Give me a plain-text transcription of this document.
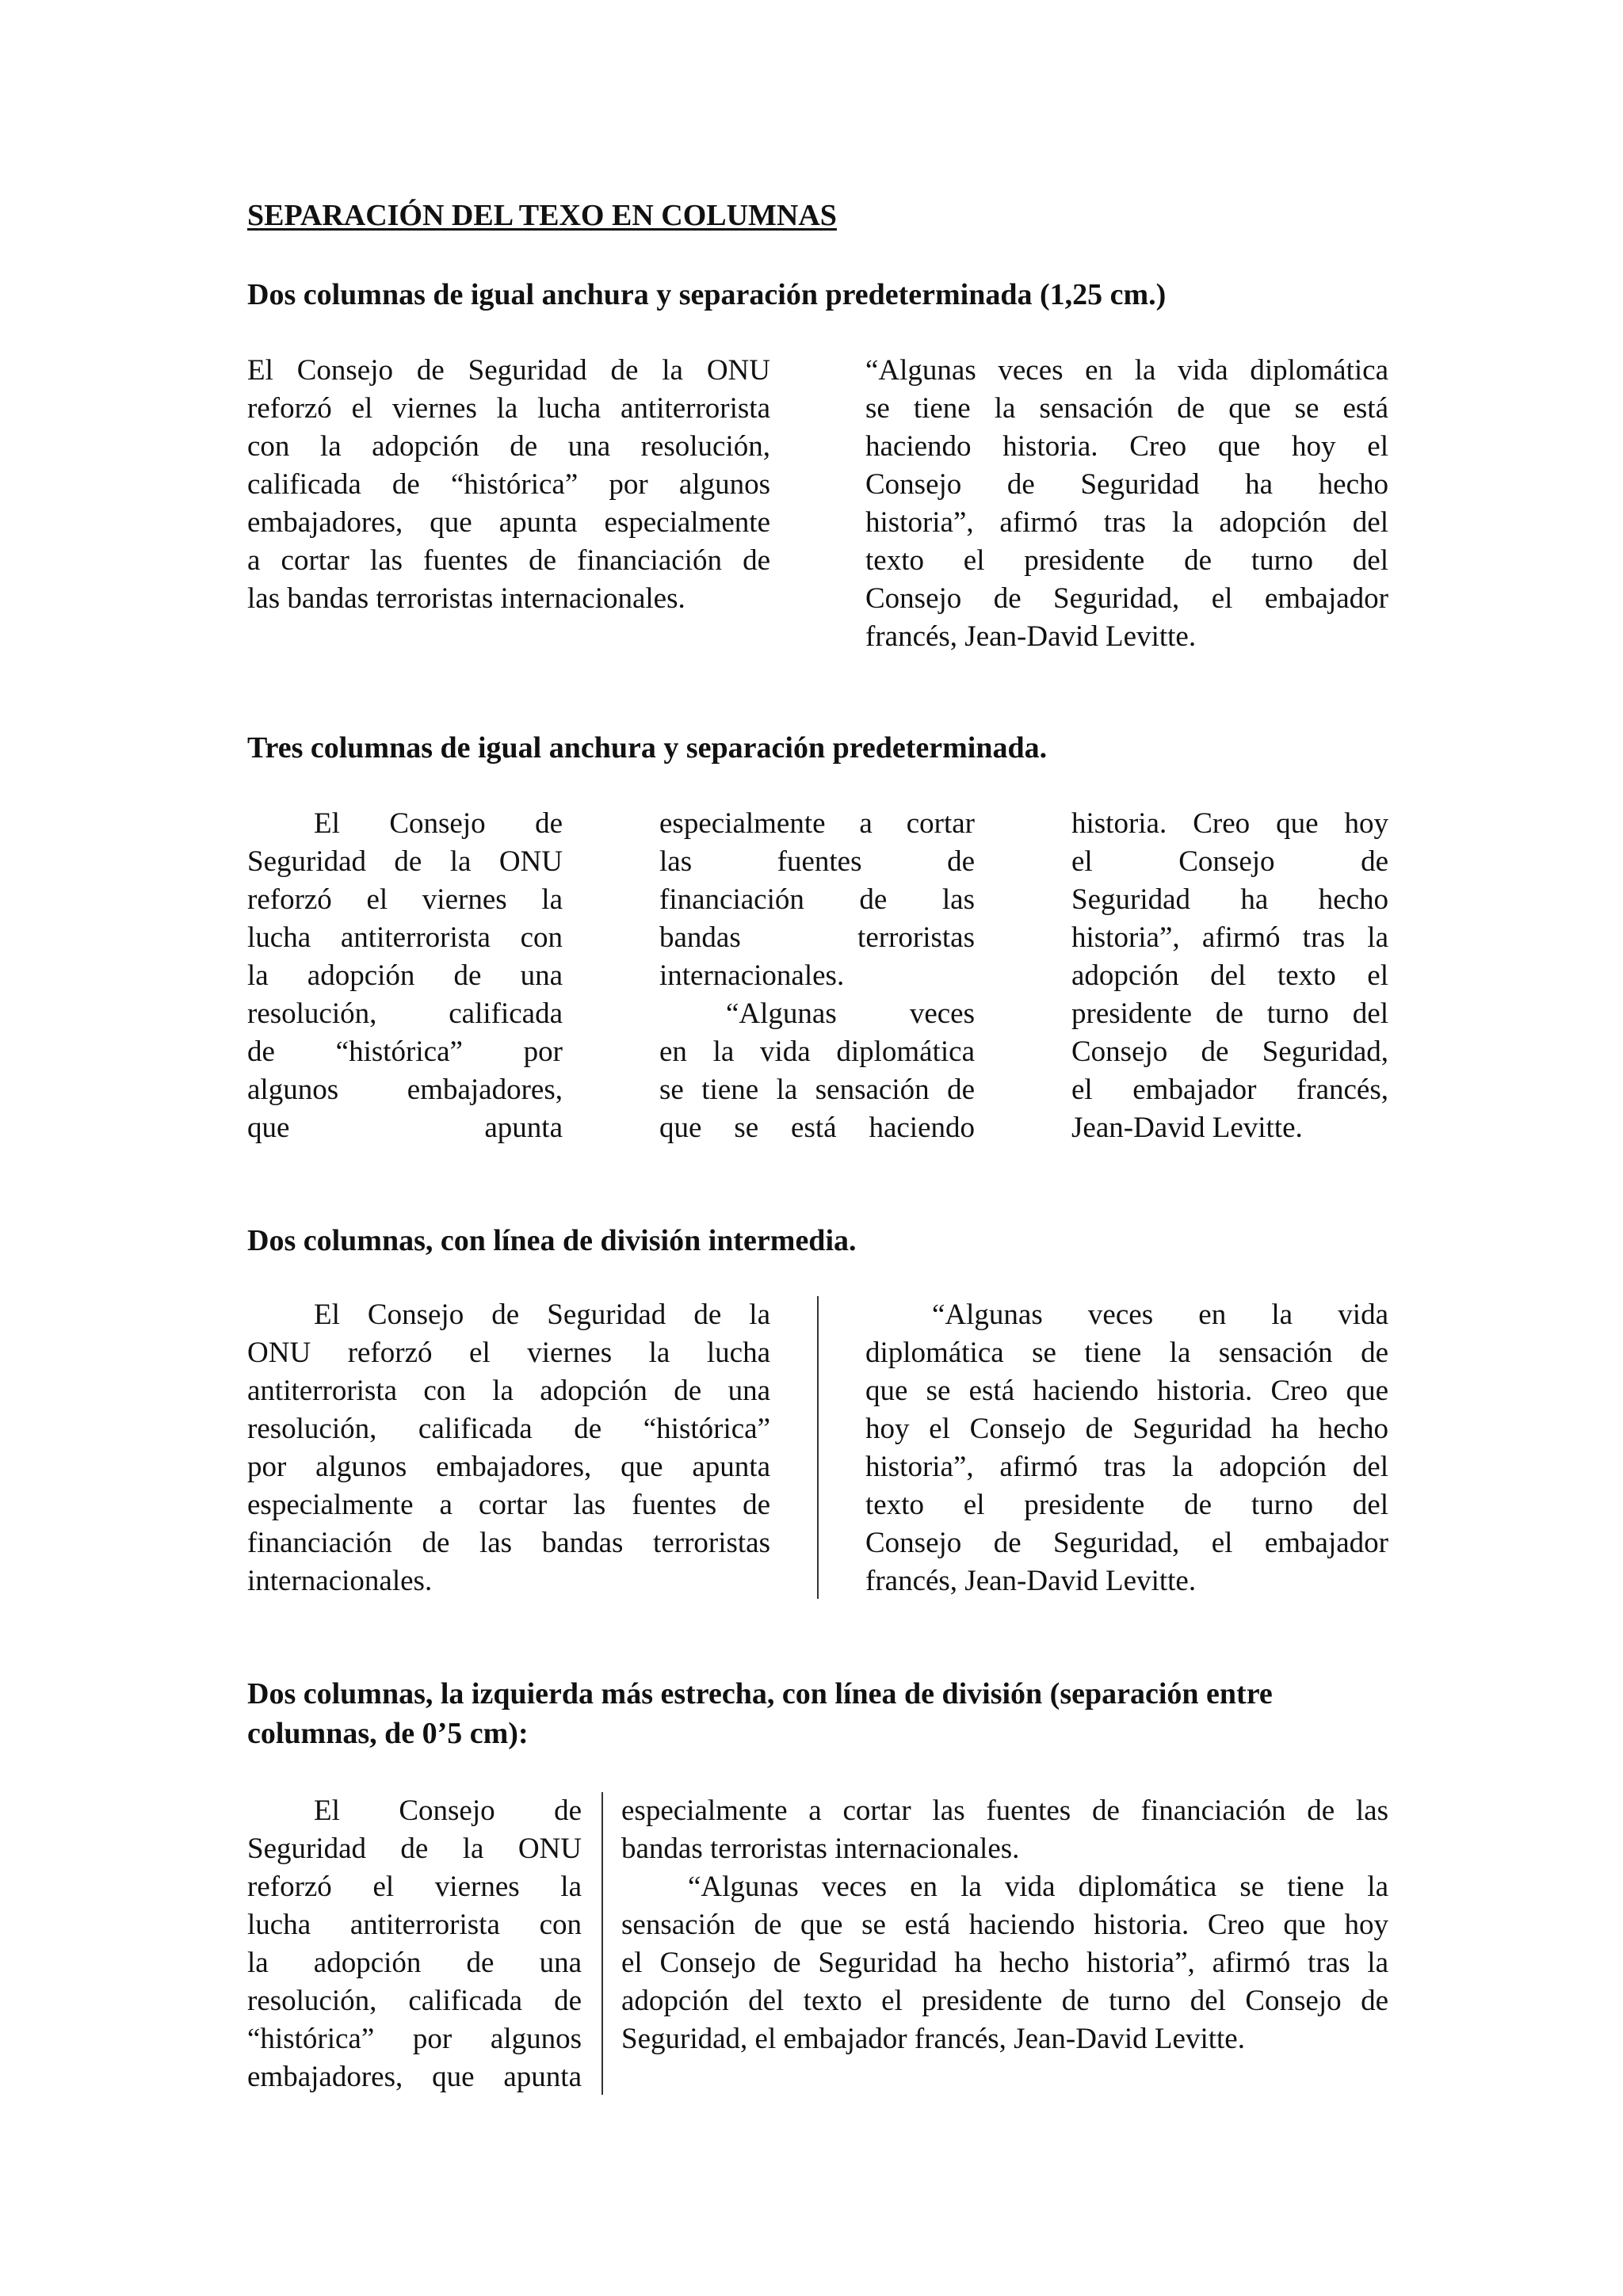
SEPARACIÓN DEL TEXO EN COLUMNAS
Dos columnas de igual anchura y separación predeterminada (1,25 cm.)
El Consejo de Seguridad de la ONU
reforzó el viernes la lucha antiterrorista
con la adopción de una resolución,
calificada de “histórica” por algunos
embajadores, que apunta especialmente
a cortar las fuentes de financiación de
las bandas terroristas internacionales.
“Algunas veces en la vida diplomática
se tiene la sensación de que se está
haciendo historia. Creo que hoy el
Consejo de Seguridad ha hecho
historia”, afirmó tras la adopción del
texto el presidente de turno del
Consejo de Seguridad, el embajador
francés, Jean-David Levitte.
Tres columnas de igual anchura y separación predeterminada.
El Consejo de
Seguridad de la ONU
reforzó el viernes la
lucha antiterrorista con
la adopción de una
resolución, calificada
de “histórica” por
algunos embajadores,
que apunta
especialmente a cortar
las fuentes de
financiación de las
bandas terroristas
internacionales.
“Algunas veces
en la vida diplomática
se tiene la sensación de
que se está haciendo
historia. Creo que hoy
el Consejo de
Seguridad ha hecho
historia”, afirmó tras la
adopción del texto el
presidente de turno del
Consejo de Seguridad,
el embajador francés,
Jean-David Levitte.
Dos columnas, con línea de división intermedia.
El Consejo de Seguridad de la
ONU reforzó el viernes la lucha
antiterrorista con la adopción de una
resolución, calificada de “histórica”
por algunos embajadores, que apunta
especialmente a cortar las fuentes de
financiación de las bandas terroristas
internacionales.
“Algunas veces en la vida
diplomática se tiene la sensación de
que se está haciendo historia. Creo que
hoy el Consejo de Seguridad ha hecho
historia”, afirmó tras la adopción del
texto el presidente de turno del
Consejo de Seguridad, el embajador
francés, Jean-David Levitte.
Dos columnas, la izquierda más estrecha, con línea de división (separación entre
columnas, de 0’5 cm):
El Consejo de
Seguridad de la ONU
reforzó el viernes la
lucha antiterrorista con
la adopción de una
resolución, calificada de
“histórica” por algunos
embajadores, que apunta
especialmente a cortar las fuentes de financiación de las
bandas terroristas internacionales.
“Algunas veces en la vida diplomática se tiene la
sensación de que se está haciendo historia. Creo que hoy
el Consejo de Seguridad ha hecho historia”, afirmó tras la
adopción del texto el presidente de turno del Consejo de
Seguridad, el embajador francés, Jean-David Levitte.
